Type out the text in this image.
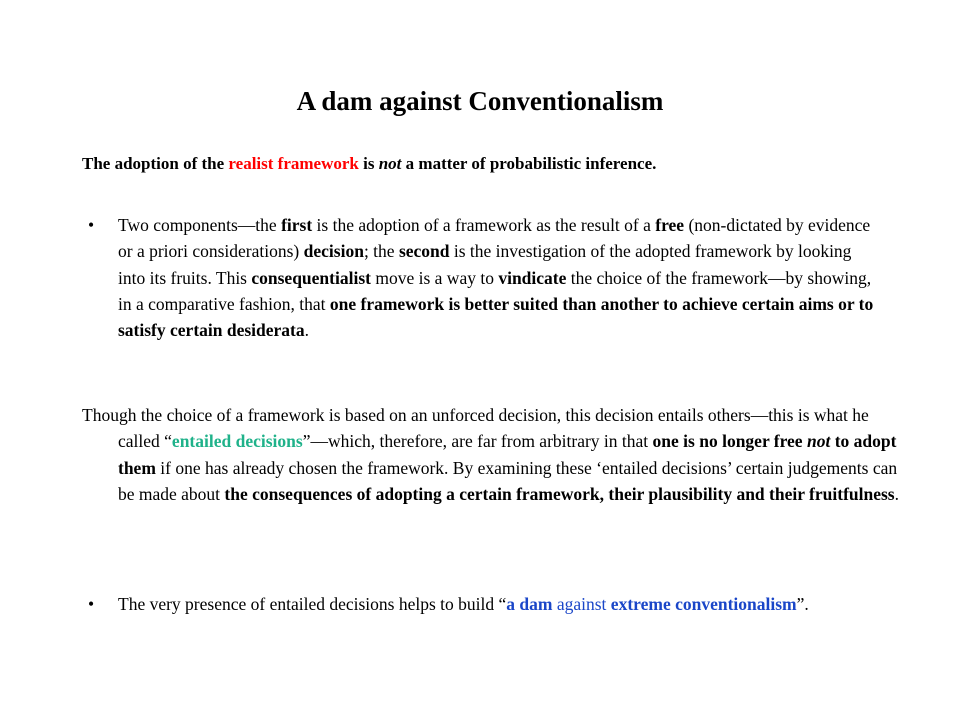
A dam against Conventionalism
The adoption of the realist framework is not a matter of probabilistic inference.
• Two components—the first is the adoption of a framework as the result of a free (non-dictated by evidence or a priori considerations) decision; the second is the investigation of the adopted framework by looking into its fruits. This consequentialist move is a way to vindicate the choice of the framework—by showing, in a comparative fashion, that one framework is better suited than another to achieve certain aims or to satisfy certain desiderata.
Though the choice of a framework is based on an unforced decision, this decision entails others—this is what he called “entailed decisions”—which, therefore, are far from arbitrary in that one is no longer free not to adopt them if one has already chosen the framework. By examining these ‘entailed decisions’ certain judgements can be made about the consequences of adopting a certain framework, their plausibility and their fruitfulness.
• The very presence of entailed decisions helps to build “a dam against extreme conventionalism”.
